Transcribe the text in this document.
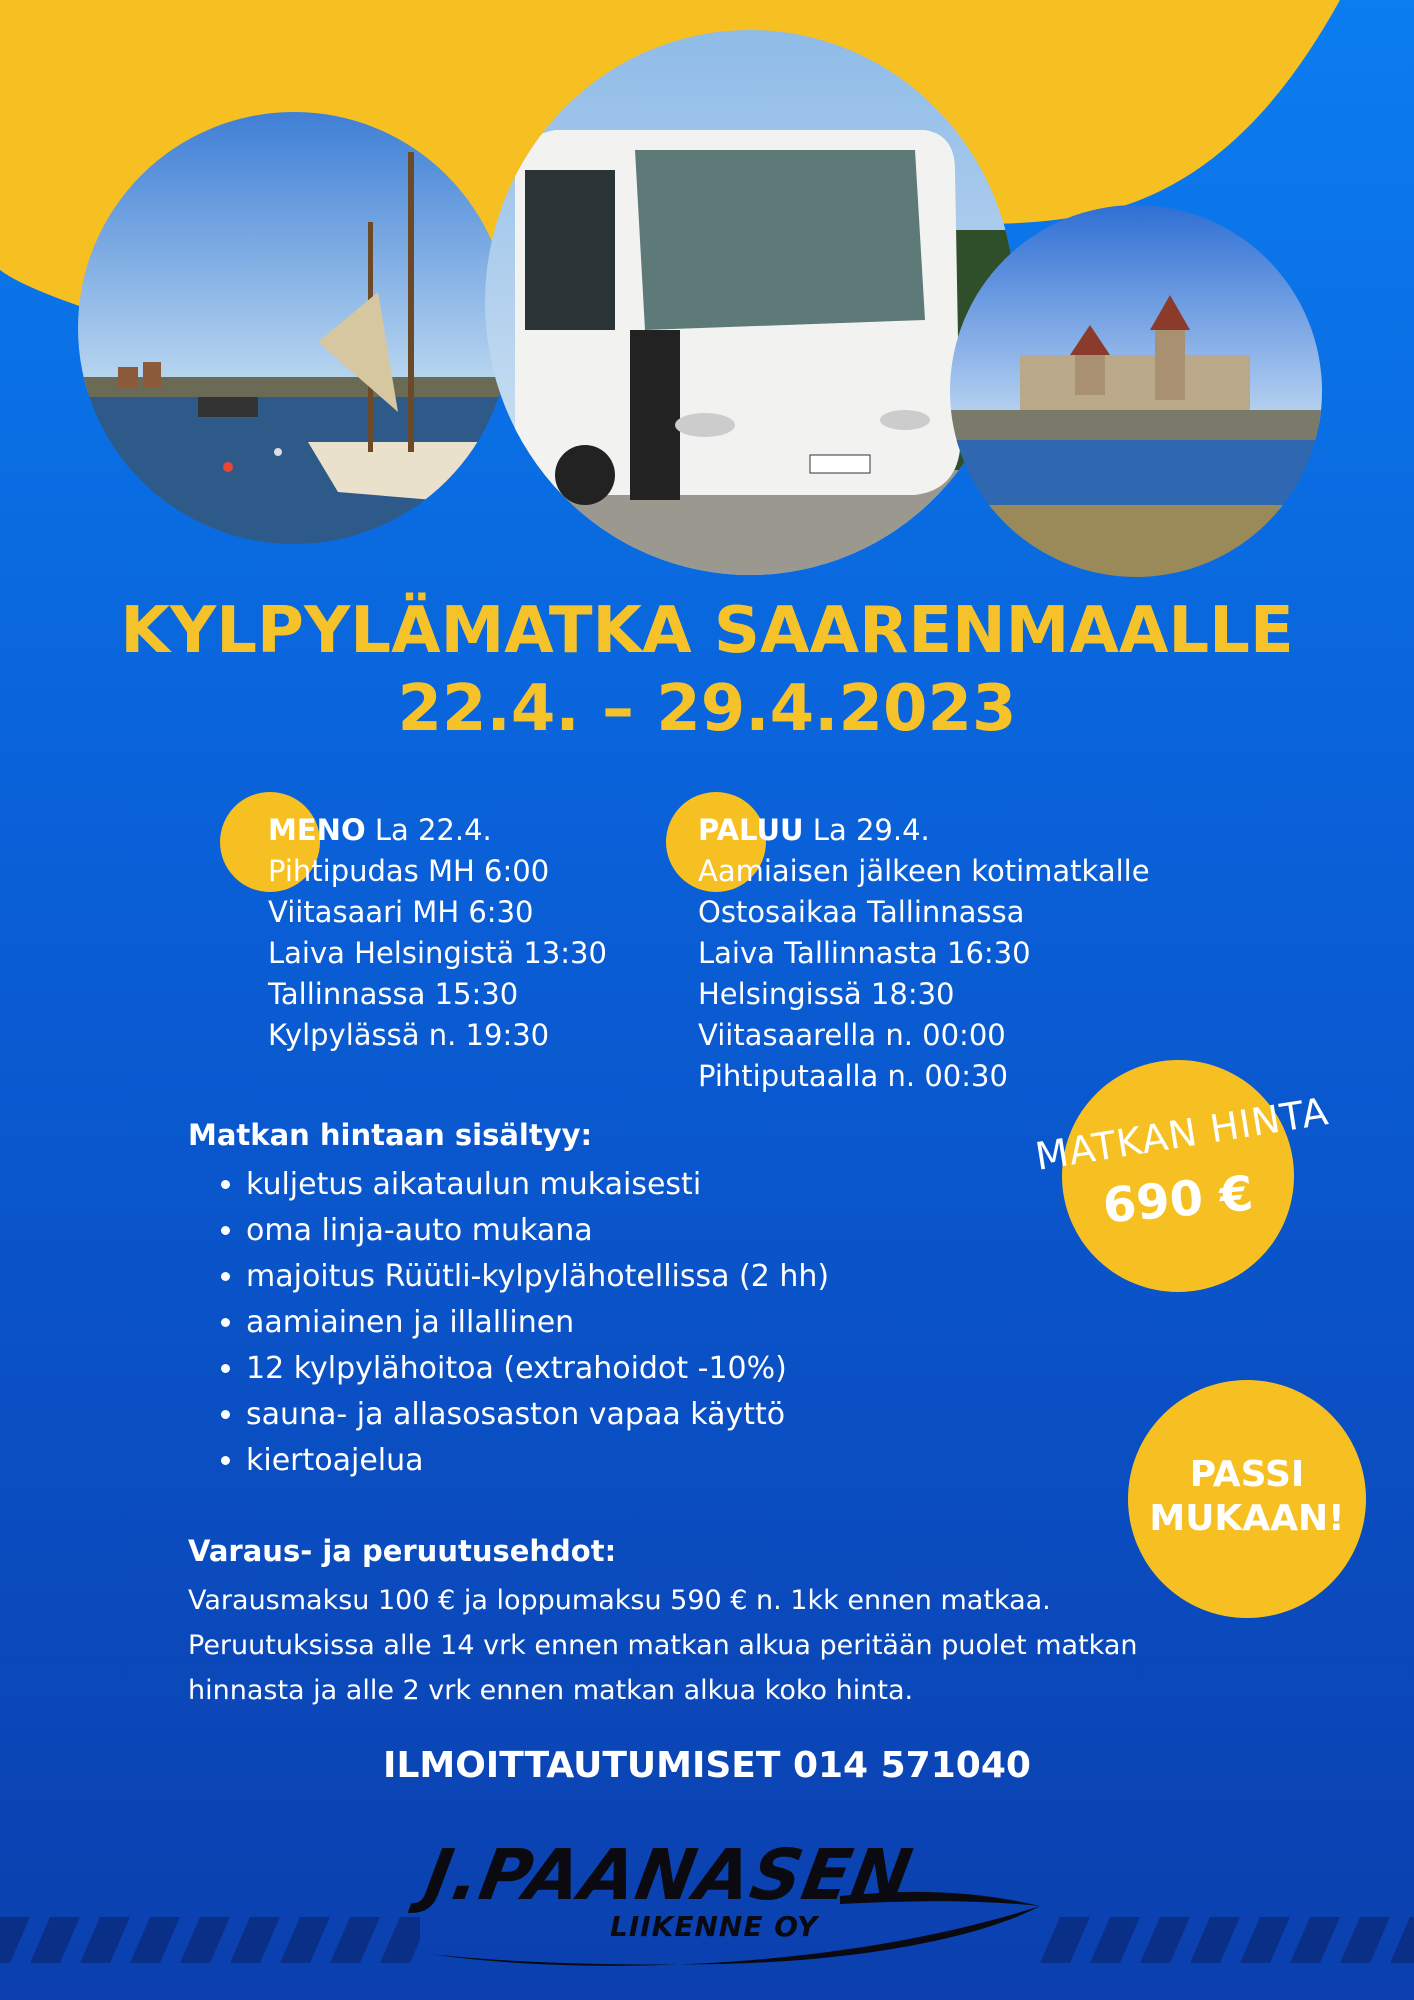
KYLPYLÄMATKA SAARENMAALLE
22.4. – 29.4.2023
MENO La 22.4.
Pihtipudas MH 6:00
Viitasaari MH 6:30
Laiva Helsingistä 13:30
Tallinnassa 15:30
Kylpylässä n. 19:30
PALUU La 29.4.
Aamiaisen jälkeen kotimatkalle
Ostosaikaa Tallinnassa
Laiva Tallinnasta 16:30
Helsingissä 18:30
Viitasaarella n. 00:00
Pihtiputaalla n. 00:30
Matkan hintaan sisältyy:
• kuljetus aikataulun mukaisesti
• oma linja-auto mukana
• majoitus Rüütli-kylpylähotellissa (2 hh)
• aamiainen ja illallinen
• 12 kylpylähoitoa (extrahoidot -10%)
• sauna- ja allasosaston vapaa käyttö
• kiertoajelua
MATKAN HINTA
690 €
PASSI
MUKAAN!
Varaus- ja peruutusehdot:
Varausmaksu 100 € ja loppumaksu 590 € n. 1kk ennen matkaa.
Peruutuksissa alle 14 vrk ennen matkan alkua peritään puolet matkan
hinnasta ja alle 2 vrk ennen matkan alkua koko hinta.
ILMOITTAUTUMISET 014 571040
J.PAANASEN
LIIKENNE OY
